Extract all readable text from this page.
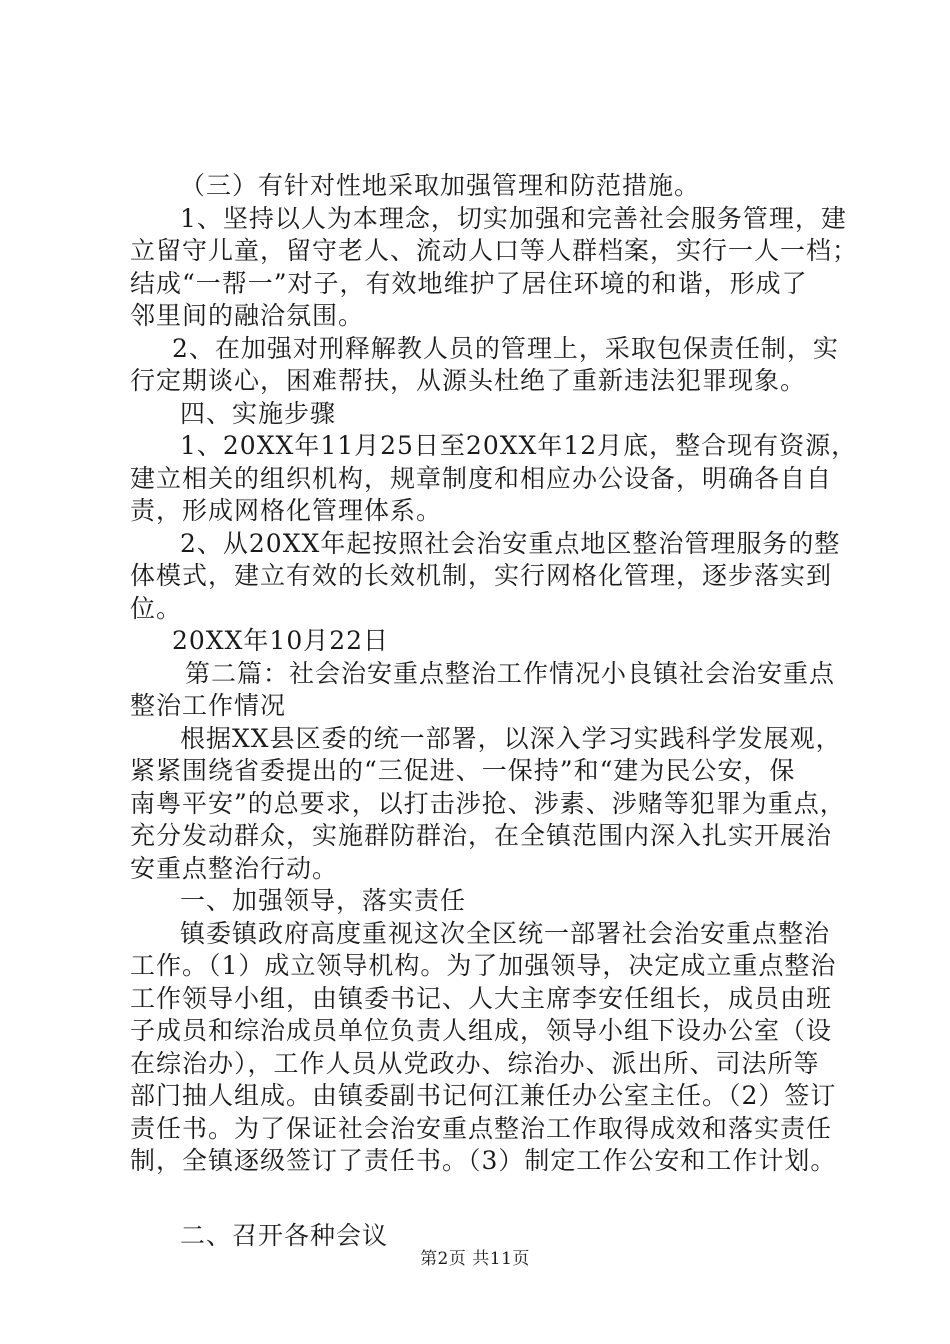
（三）有针对性地采取加强管理和防范措施。
1、坚持以人为本理念，切实加强和完善社会服务管理，建
立留守儿童，留守老人、流动人口等人群档案，实行一人一档；
结成“一帮一”对子，有效地维护了居住环境的和谐，形成了
邻里间的融洽氛围。
2、在加强对刑释解教人员的管理上，采取包保责任制，实
行定期谈心，困难帮扶，从源头杜绝了重新违法犯罪现象。
四、实施步骤
1、20XX年11月25日至20XX年12月底，整合现有资源，
建立相关的组织机构，规章制度和相应办公设备，明确各自自
责，形成网格化管理体系。
2、从20XX年起按照社会治安重点地区整治管理服务的整
体模式，建立有效的长效机制，实行网格化管理，逐步落实到
位。
20XX年10月22日
第二篇：社会治安重点整治工作情况小良镇社会治安重点
整治工作情况
根据XX县区委的统一部署，以深入学习实践科学发展观，
紧紧围绕省委提出的“三促进、一保持”和“建为民公安，保
南粤平安”的总要求，以打击涉抢、涉素、涉赌等犯罪为重点，
充分发动群众，实施群防群治，在全镇范围内深入扎实开展治
安重点整治行动。
一、加强领导，落实责任
镇委镇政府高度重视这次全区统一部署社会治安重点整治
工作。（1）成立领导机构。为了加强领导，决定成立重点整治
工作领导小组，由镇委书记、人大主席李安任组长，成员由班
子成员和综治成员单位负责人组成，领导小组下设办公室（设
在综治办），工作人员从党政办、综治办、派出所、司法所等
部门抽人组成。由镇委副书记何江兼任办公室主任。（2）签订
责任书。为了保证社会治安重点整治工作取得成效和落实责任
制，全镇逐级签订了责任书。（3）制定工作公安和工作计划。
二、召开各种会议
第2页 共11页
